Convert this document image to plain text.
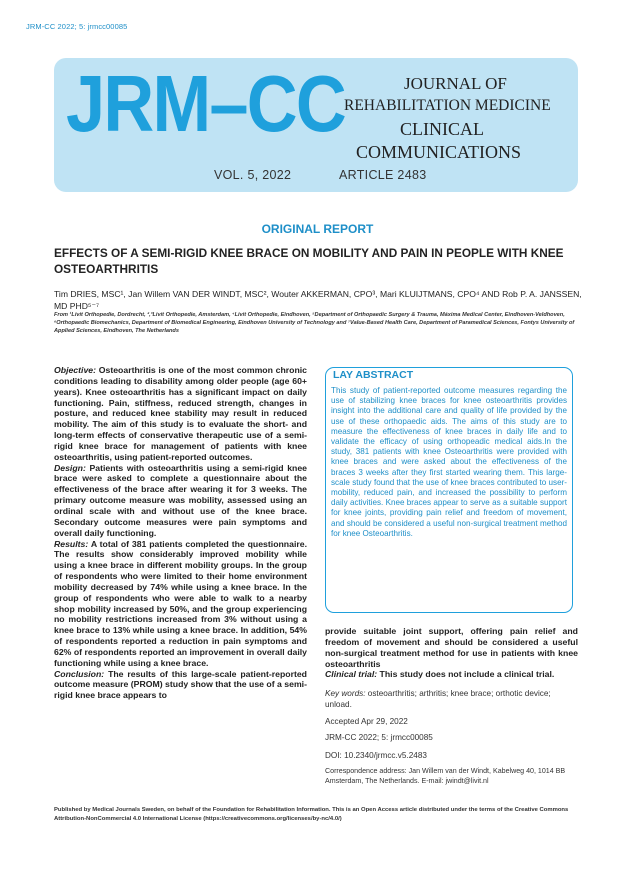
JRM-CC 2022; 5: jrmcc00085
JRM–CC	JOURNAL OF
REHABILITATION MEDICINE
CLINICAL
COMMUNICATIONS
VOL. 5, 2022	ARTICLE 2483
ORIGINAL REPORT
EFFECTS OF A SEMI-RIGID KNEE BRACE ON MOBILITY AND PAIN IN PEOPLE WITH KNEE OSTEOARTHRITIS
Tim DRIES, MSC¹, Jan Willem VAN DER WINDT, MSC², Wouter AKKERMAN, CPO³, Mari KLUIJTMANS, CPO⁴ AND Rob P. A. JANSSEN, MD PHD⁵⁻⁷
From ¹Livit Orthopedie, Dordrecht, ²,³Livit Orthopedie, Amsterdam, ⁴Livit Orthopedie, Eindhoven, ⁵Department of Orthopaedic Surgery & Trauma, Máxima Medical Center, Eindhoven-Veldhoven, ⁶Orthopaedic Biomechanics, Department of Biomedical Engineering, Eindhoven University of Technology and ⁷Value-Based Health Care, Department of Paramedical Sciences, Fontys University of Applied Sciences, Eindhoven, The Netherlands
Objective: Osteoarthritis is one of the most common chronic conditions leading to disability among older people (age 60+ years). Knee osteoarthritis has a significant impact on daily functioning. Pain, stiffness, reduced strength, changes in posture, and reduced knee stability may result in reduced mobility. The aim of this study is to evaluate the short- and long-term effects of conservative therapeutic use of a semi-rigid knee brace for management of patients with knee osteoarthritis, using patient-reported outcomes.
Design: Patients with osteoarthritis using a semi-rigid knee brace were asked to complete a questionnaire about the effectiveness of the brace after wearing it for 3 weeks. The primary outcome measure was mobility, assessed using an ordinal scale with and without use of the knee brace. Secondary outcome measures were pain symptoms and overall daily functioning.
Results: A total of 381 patients completed the questionnaire. The results show considerably improved mobility while using a knee brace in different mobility groups. In the group of respondents who were limited to their home environment mobility decreased by 74% while using a knee brace. In the group of respondents who were able to walk to a nearby shop mobility increased by 50%, and the group experiencing no mobility restrictions increased from 3% without using a knee brace to 13% while using a knee brace. In addition, 54% of respondents reported a reduction in pain symptoms and 62% of respondents reported an improvement in overall daily functioning while using a knee brace.
Conclusion: The results of this large-scale patient-reported outcome measure (PROM) study show that the use of a semi-rigid knee brace appears to
LAY ABSTRACT
This study of patient-reported outcome measures regarding the use of stabilizing knee braces for knee osteoarthritis provides insight into the additional care and quality of life provided by the use of these orthopaedic aids. The aims of this study are to measure the effectiveness of knee braces in daily life and to validate the efficacy of using orthopeadic medical aids.In the study, 381 patients with knee Osteoarthritis were provided with knee braces and were asked about the effectiveness of the braces 3 weeks after they first started wearing them. This large-scale study found that the use of knee braces contributed to user-mobility, reduced pain, and increased the possibility to perform daily activities. Knee braces appear to serve as a suitable support for knee joints, providing pain relief and freedom of movement, and should be considered a useful non-surgical treatment method for knee Osteoarthritis.
provide suitable joint support, offering pain relief and freedom of movement and should be considered a useful non-surgical treatment method for use in patients with knee osteoarthritis
Clinical trial: This study does not include a clinical trial.
Key words: osteoarthritis; arthritis; knee brace; orthotic device; unload.
Accepted Apr 29, 2022
JRM-CC 2022; 5: jrmcc00085
DOI: 10.2340/jrmcc.v5.2483
Correspondence address: Jan Willem van der Windt, Kabelweg 40, 1014 BB Amsterdam, The Netherlands. E-mail: jwindt@livit.nl
Published by Medical Journals Sweden, on behalf of the Foundation for Rehabilitation Information. This is an Open Access article distributed under the terms of the Creative Commons Attribution-NonCommercial 4.0 International License (https://creativecommons.org/licenses/by-nc/4.0/)
